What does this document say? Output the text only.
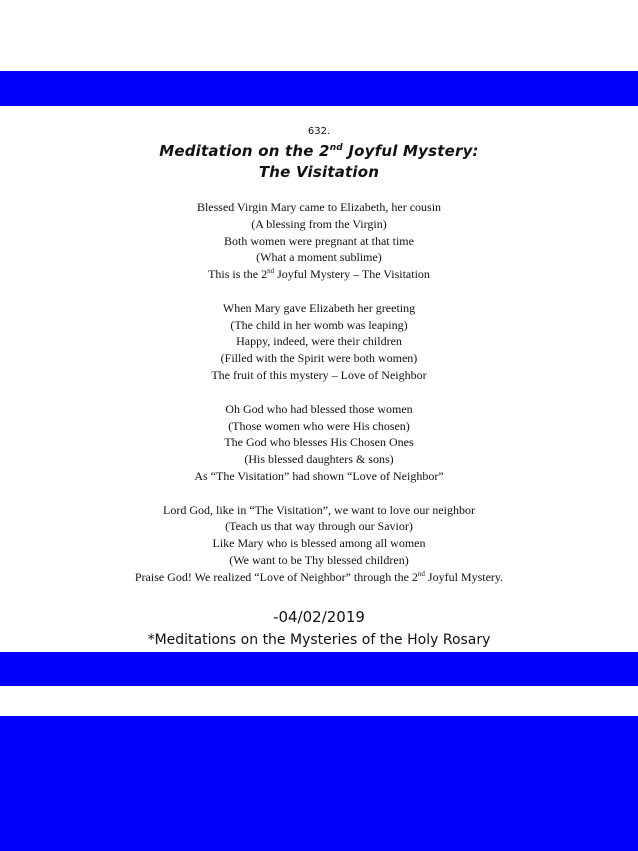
632.
Meditation on the 2nd Joyful Mystery:
The Visitation
Blessed Virgin Mary came to Elizabeth, her cousin
(A blessing from the Virgin)
Both women were pregnant at that time
(What a moment sublime)
This is the 2nd Joyful Mystery – The Visitation
When Mary gave Elizabeth her greeting
(The child in her womb was leaping)
Happy, indeed, were their children
(Filled with the Spirit were both women)
The fruit of this mystery – Love of Neighbor
Oh God who had blessed those women
(Those women who were His chosen)
The God who blesses His Chosen Ones
(His blessed daughters & sons)
As “The Visitation” had shown “Love of Neighbor”
Lord God, like in “The Visitation”, we want to love our neighbor
(Teach us that way through our Savior)
Like Mary who is blessed among all women
(We want to be Thy blessed children)
Praise God! We realized “Love of Neighbor” through the 2nd Joyful Mystery.
-04/02/2019
*Meditations on the Mysteries of the Holy Rosary
